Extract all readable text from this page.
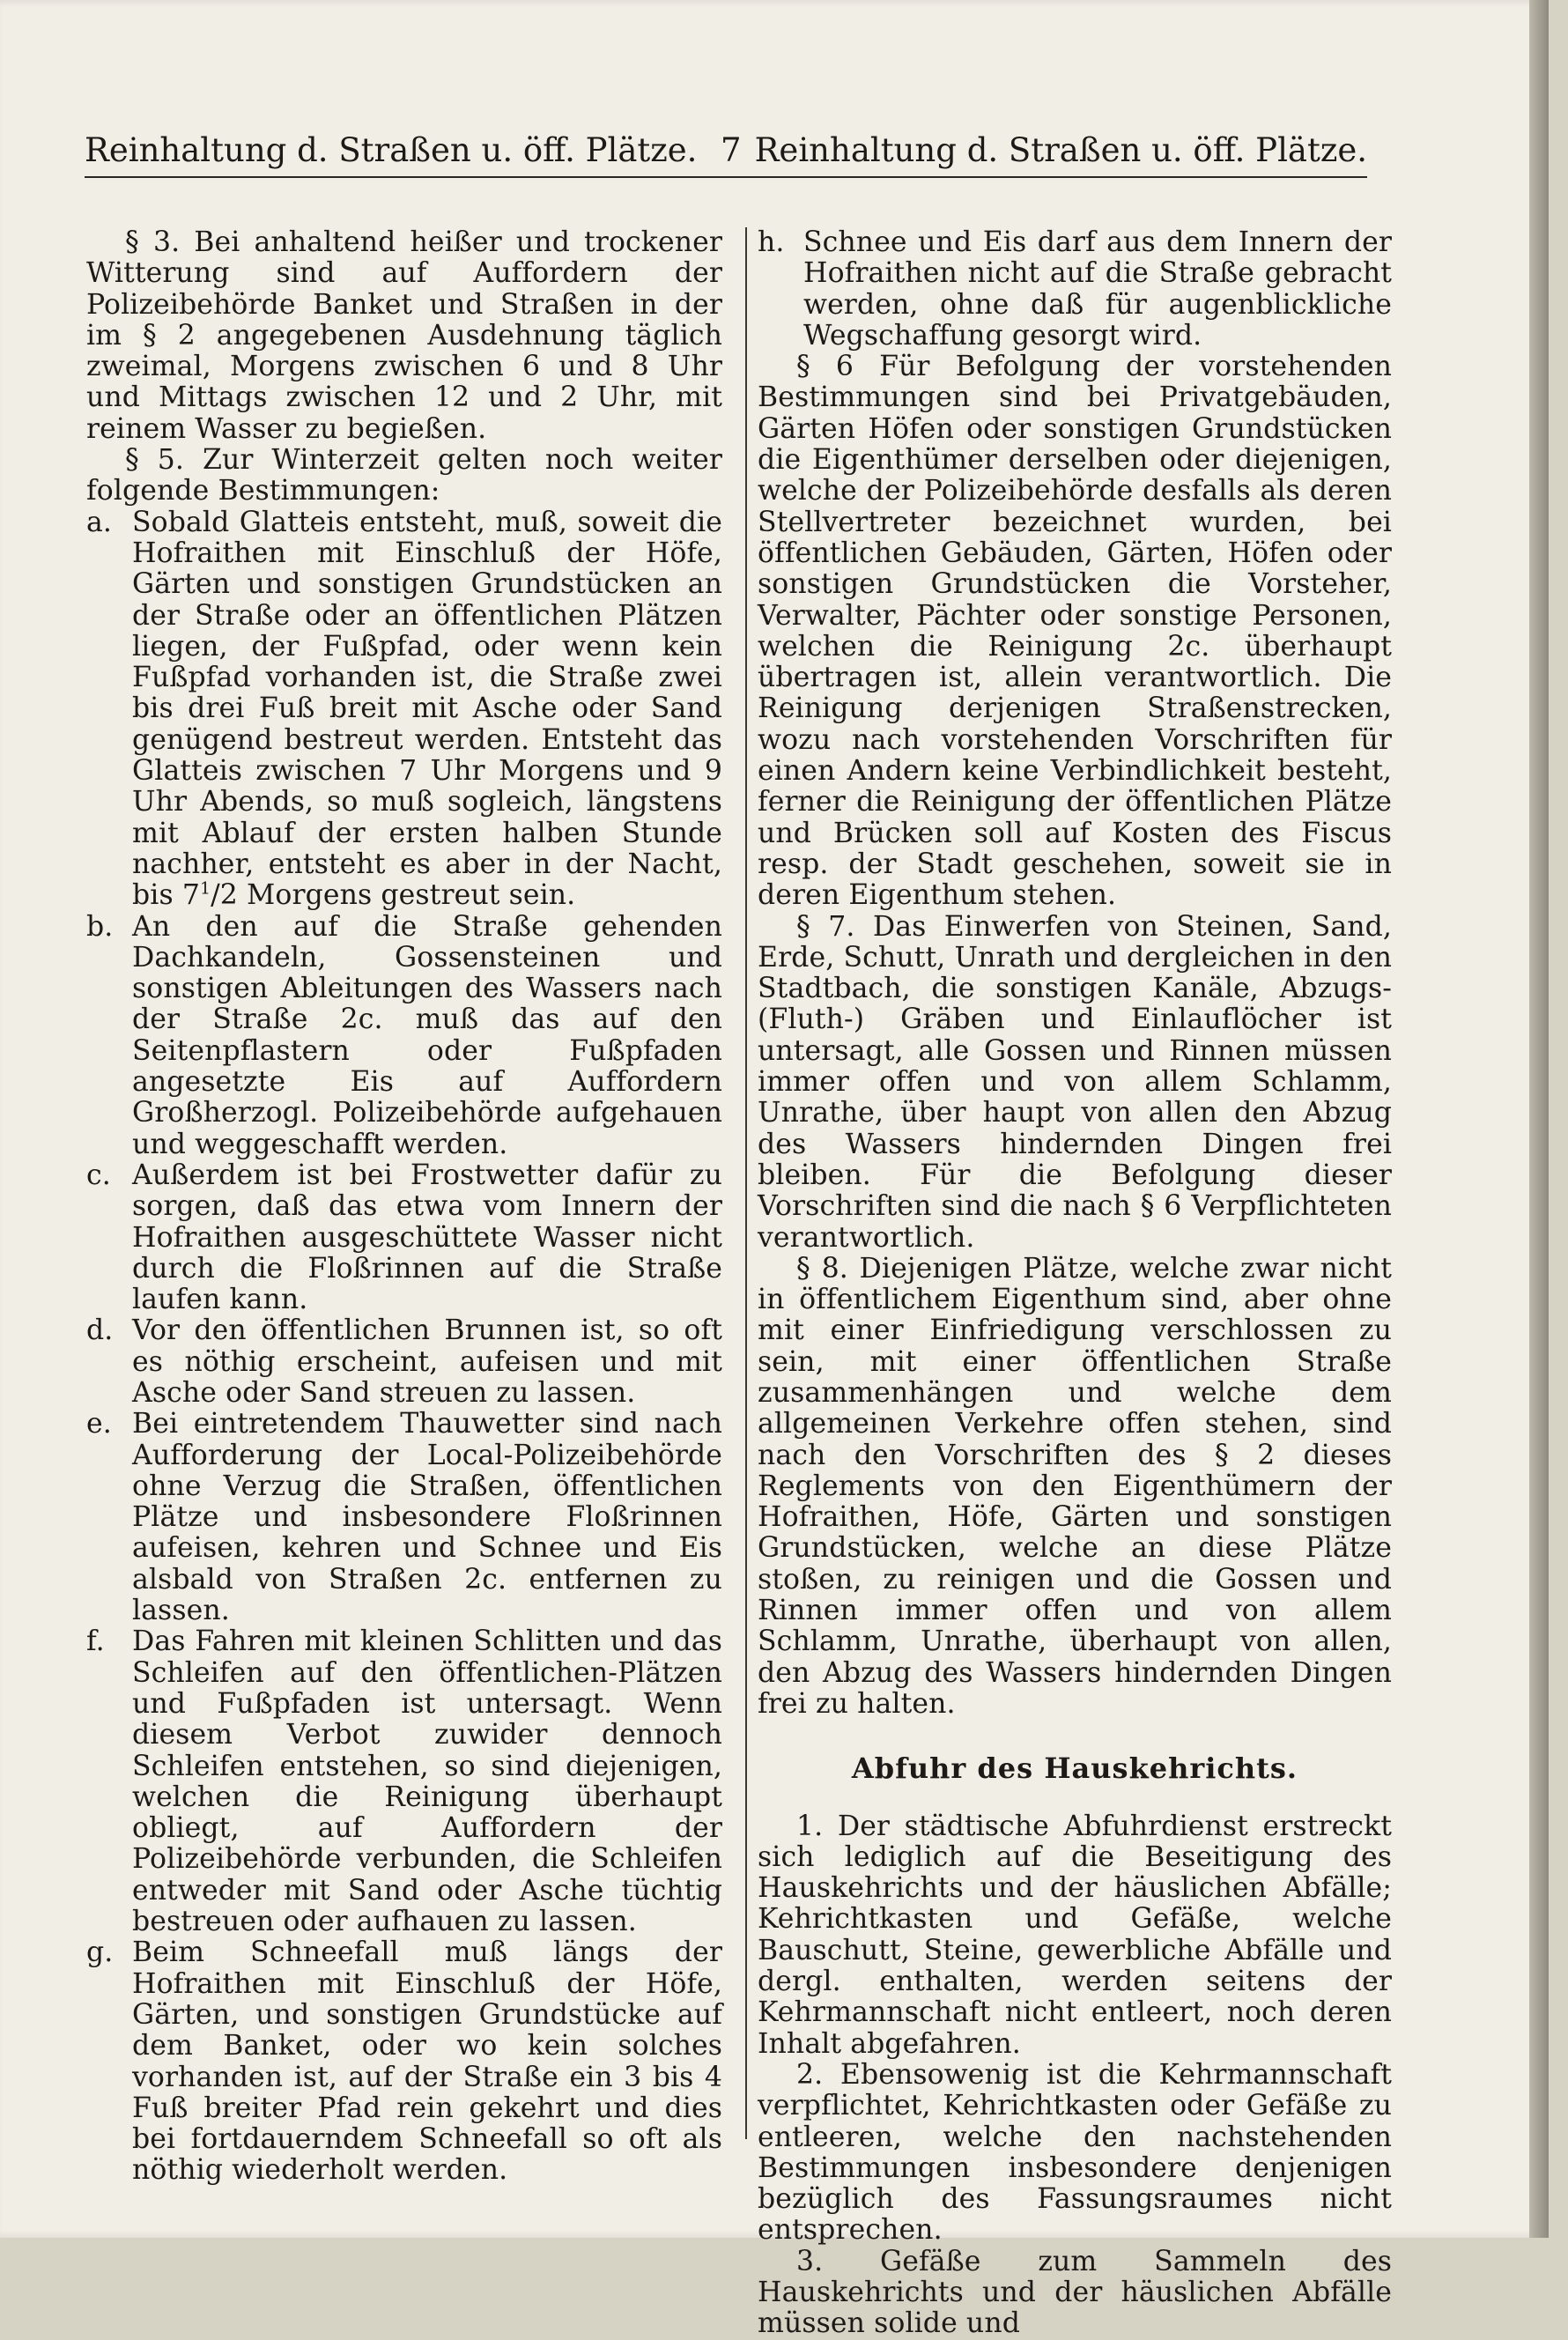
Reinhaltung d. Straßen u. öff. Plätze. 7 Reinhaltung d. Straßen u. öff. Plätze.

§ 3. Bei anhaltend heißer und trockener Witterung sind auf Auffordern der Polizeibehörde Banket und Straßen in der im § 2 angegebenen Ausdehnung täglich zweimal, Morgens zwischen 6 und 8 Uhr und Mittags zwischen 12 und 2 Uhr, mit reinem Wasser zu begießen.

§ 5. Zur Winterzeit gelten noch weiter folgende Bestimmungen:

a. Sobald Glatteis entsteht, muß, soweit die Hofraithen mit Einschluß der Höfe, Gärten und sonstigen Grundstücken an der Straße oder an öffentlichen Plätzen liegen, der Fußpfad, oder wenn kein Fußpfad vorhanden ist, die Straße zwei bis drei Fuß breit mit Asche oder Sand genügend bestreut werden. Entsteht das Glatteis zwischen 7 Uhr Morgens und 9 Uhr Abends, so muß sogleich, längstens mit Ablauf der ersten halben Stunde nachher, entsteht es aber in der Nacht, bis $7^1/2$ Morgens gestreut sein.

b. An den auf die Straße gehenden Dachkandeln, Gossensteinen und sonstigen Ableitungen des Wassers nach der Straße 2c. muß das auf den Seitenpflastern oder Fußpfaden angesetzte Eis auf Auffordern Großherzogl. Polizeibehörde aufgehauen und weggeschafft werden.

c. Außerdem ist bei Frostwetter dafür zu sorgen, daß das etwa vom Innern der Hofraithen ausgeschüttete Wasser nicht durch die Floßrinnen auf die Straße laufen kann.

d. Vor den öffentlichen Brunnen ist, so oft es nöthig erscheint, aufeisen und mit Asche oder Sand streuen zu lassen.

e. Bei eintretendem Thauwetter sind nach Aufforderung der Local-Polizeibehörde ohne Verzug die Straßen, öffentlichen Plätze und insbesondere Floßrinnen aufeisen, kehren und Schnee und Eis alsbald von Straßen 2c. entfernen zu lassen.

f. Das Fahren mit kleinen Schlitten und das Schleifen auf den öffentlichen-Plätzen und Fußpfaden ist untersagt. Wenn diesem Verbot zuwider dennoch Schleifen entstehen, so sind diejenigen, welchen die Reinigung überhaupt obliegt, auf Auffordern der Polizeibehörde verbunden, die Schleifen entweder mit Sand oder Asche tüchtig bestreuen oder aufhauen zu lassen.

g. Beim Schneefall muß längs der Hofraithen mit Einschluß der Höfe, Gärten, und sonstigen Grundstücke auf dem Banket, oder wo kein solches vorhanden ist, auf der Straße ein 3 bis 4 Fuß breiter Pfad rein gekehrt und dies bei fortdauerndem Schneefall so oft als nöthig wiederholt werden.

h. Schnee und Eis darf aus dem Innern der Hofraithen nicht auf die Straße gebracht werden, ohne daß für augenblickliche Wegschaffung gesorgt wird.

§ 6 Für Befolgung der vorstehenden Bestimmungen sind bei Privatgebäuden, Gärten Höfen oder sonstigen Grundstücken die Eigenthümer derselben oder diejenigen, welche der Polizeibehörde desfalls als deren Stellvertreter bezeichnet wurden, bei öffentlichen Gebäuden, Gärten, Höfen oder sonstigen Grundstücken die Vorsteher, Verwalter, Pächter oder sonstige Personen, welchen die Reinigung 2c. überhaupt übertragen ist, allein verantwortlich. Die Reinigung derjenigen Straßenstrecken, wozu nach vorstehenden Vorschriften für einen Andern keine Verbindlichkeit besteht, ferner die Reinigung der öffentlichen Plätze und Brücken soll auf Kosten des Fiscus resp. der Stadt geschehen, soweit sie in deren Eigenthum stehen.

§ 7. Das Einwerfen von Steinen, Sand, Erde, Schutt, Unrath und dergleichen in den Stadtbach, die sonstigen Kanäle, Abzugs-(Fluth-) Gräben und Einlauflöcher ist untersagt, alle Gossen und Rinnen müssen immer offen und von allem Schlamm, Unrathe, über haupt von allen den Abzug des Wassers hindernden Dingen frei bleiben. Für die Befolgung dieser Vorschriften sind die nach § 6 Verpflichteten verantwortlich.

§ 8. Diejenigen Plätze, welche zwar nicht in öffentlichem Eigenthum sind, aber ohne mit einer Einfriedigung verschlossen zu sein, mit einer öffentlichen Straße zusammenhängen und welche dem allgemeinen Verkehre offen stehen, sind nach den Vorschriften des § 2 dieses Reglements von den Eigenthümern der Hofraithen, Höfe, Gärten und sonstigen Grundstücken, welche an diese Plätze stoßen, zu reinigen und die Gossen und Rinnen immer offen und von allem Schlamm, Unrathe, überhaupt von allen, den Abzug des Wassers hindernden Dingen frei zu halten.

Abfuhr des Hauskehrichts.

1. Der städtische Abfuhrdienst erstreckt sich lediglich auf die Beseitigung des Hauskehrichts und der häuslichen Abfälle; Kehrichtkasten und Gefäße, welche Bauschutt, Steine, gewerbliche Abfälle und dergl. enthalten, werden seitens der Kehrmannschaft nicht entleert, noch deren Inhalt abgefahren.

2. Ebensowenig ist die Kehrmannschaft verpflichtet, Kehrichtkasten oder Gefäße zu entleeren, welche den nachstehenden Bestimmungen insbesondere denjenigen bezüglich des Fassungsraumes nicht entsprechen.

3. Gefäße zum Sammeln des Hauskehrichts und der häuslichen Abfälle müssen solide und
